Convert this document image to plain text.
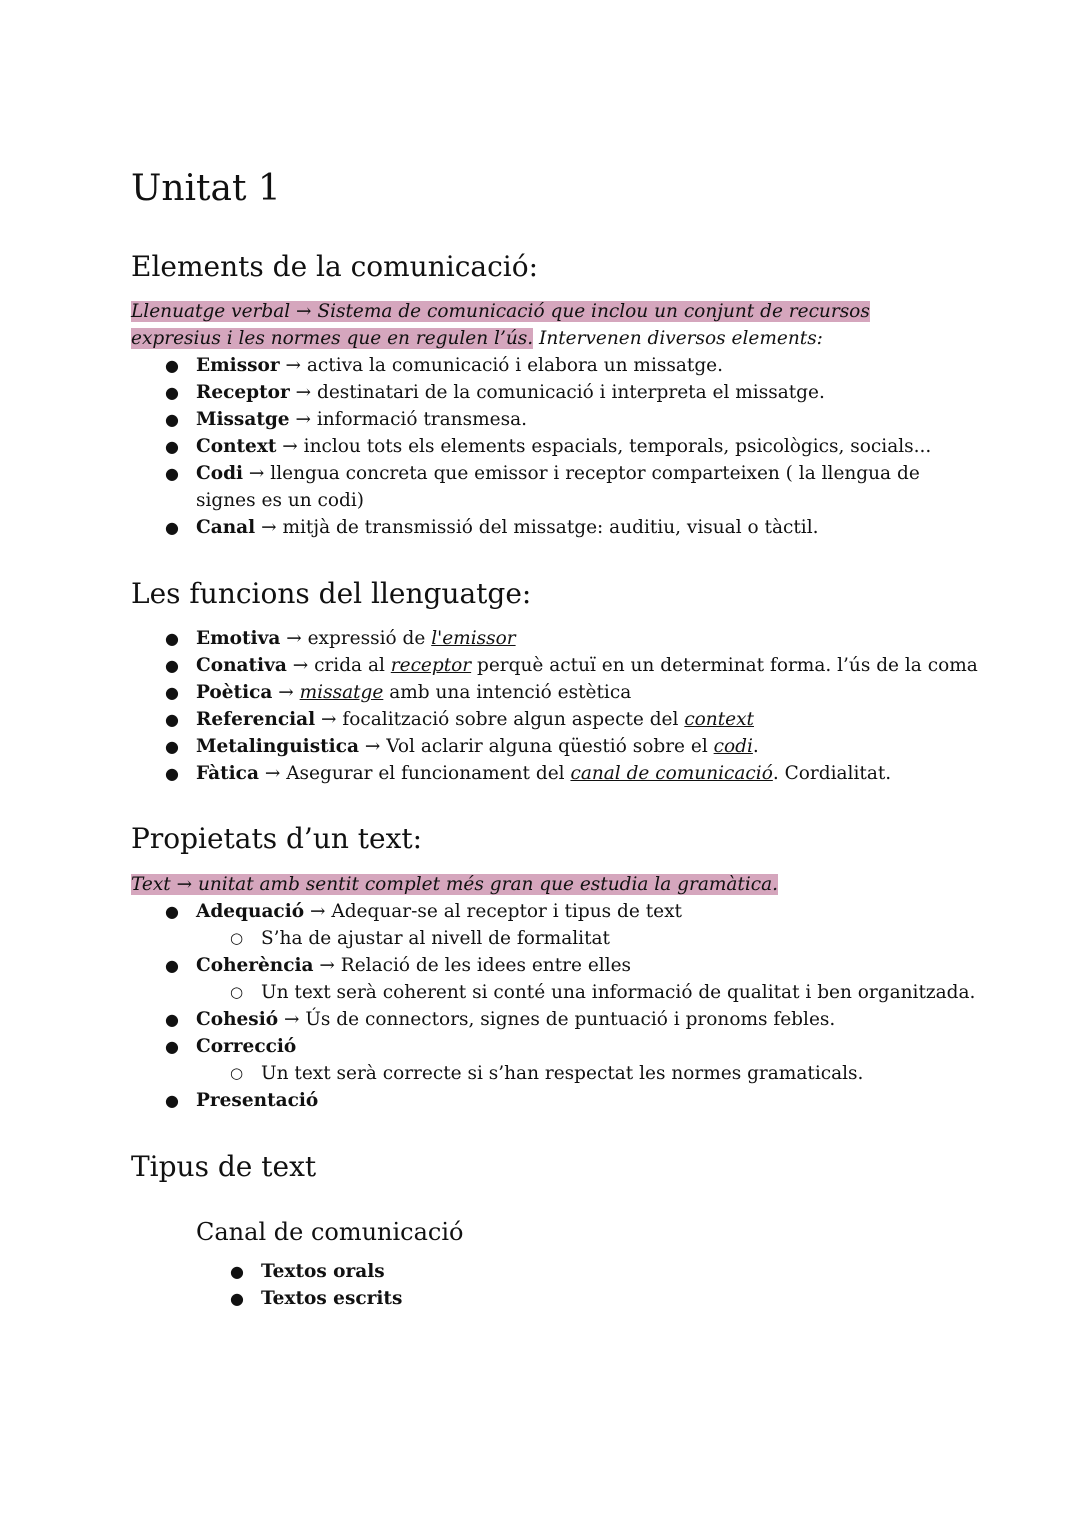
Unitat 1
Elements de la comunicació:
Llenuatge verbal → Sistema de comunicació que inclou un conjunt de recursos expresius i les normes que en regulen l’ús. Intervenen diversos elements:
● Emissor → activa la comunicació i elabora un missatge.
● Receptor → destinatari de la comunicació i interpreta el missatge.
● Missatge → informació transmesa.
● Context → inclou tots els elements espacials, temporals, psicològics, socials...
● Codi → llengua concreta que emissor i receptor comparteixen ( la llengua de signes es un codi)
● Canal → mitjà de transmissió del missatge: auditiu, visual o tàctil.
Les funcions del llenguatge:
● Emotiva → expressió de l'emissor
● Conativa → crida al receptor perquè actuï en un determinat forma. l’ús de la coma
● Poètica → missatge amb una intenció estètica
● Referencial → focalització sobre algun aspecte del context
● Metalinguistica → Vol aclarir alguna qüestió sobre el codi.
● Fàtica → Asegurar el funcionament del canal de comunicació. Cordialitat.
Propietats d’un text:
Text → unitat amb sentit complet més gran que estudia la gramàtica.
● Adequació → Adequar-se al receptor i tipus de text
○ S’ha de ajustar al nivell de formalitat
● Coherència → Relació de les idees entre elles
○ Un text serà coherent si conté una informació de qualitat i ben organitzada.
● Cohesió → Ús de connectors, signes de puntuació i pronoms febles.
● Correcció
○ Un text serà correcte si s’han respectat les normes gramaticals.
● Presentació
Tipus de text
Canal de comunicació
● Textos orals
● Textos escrits
